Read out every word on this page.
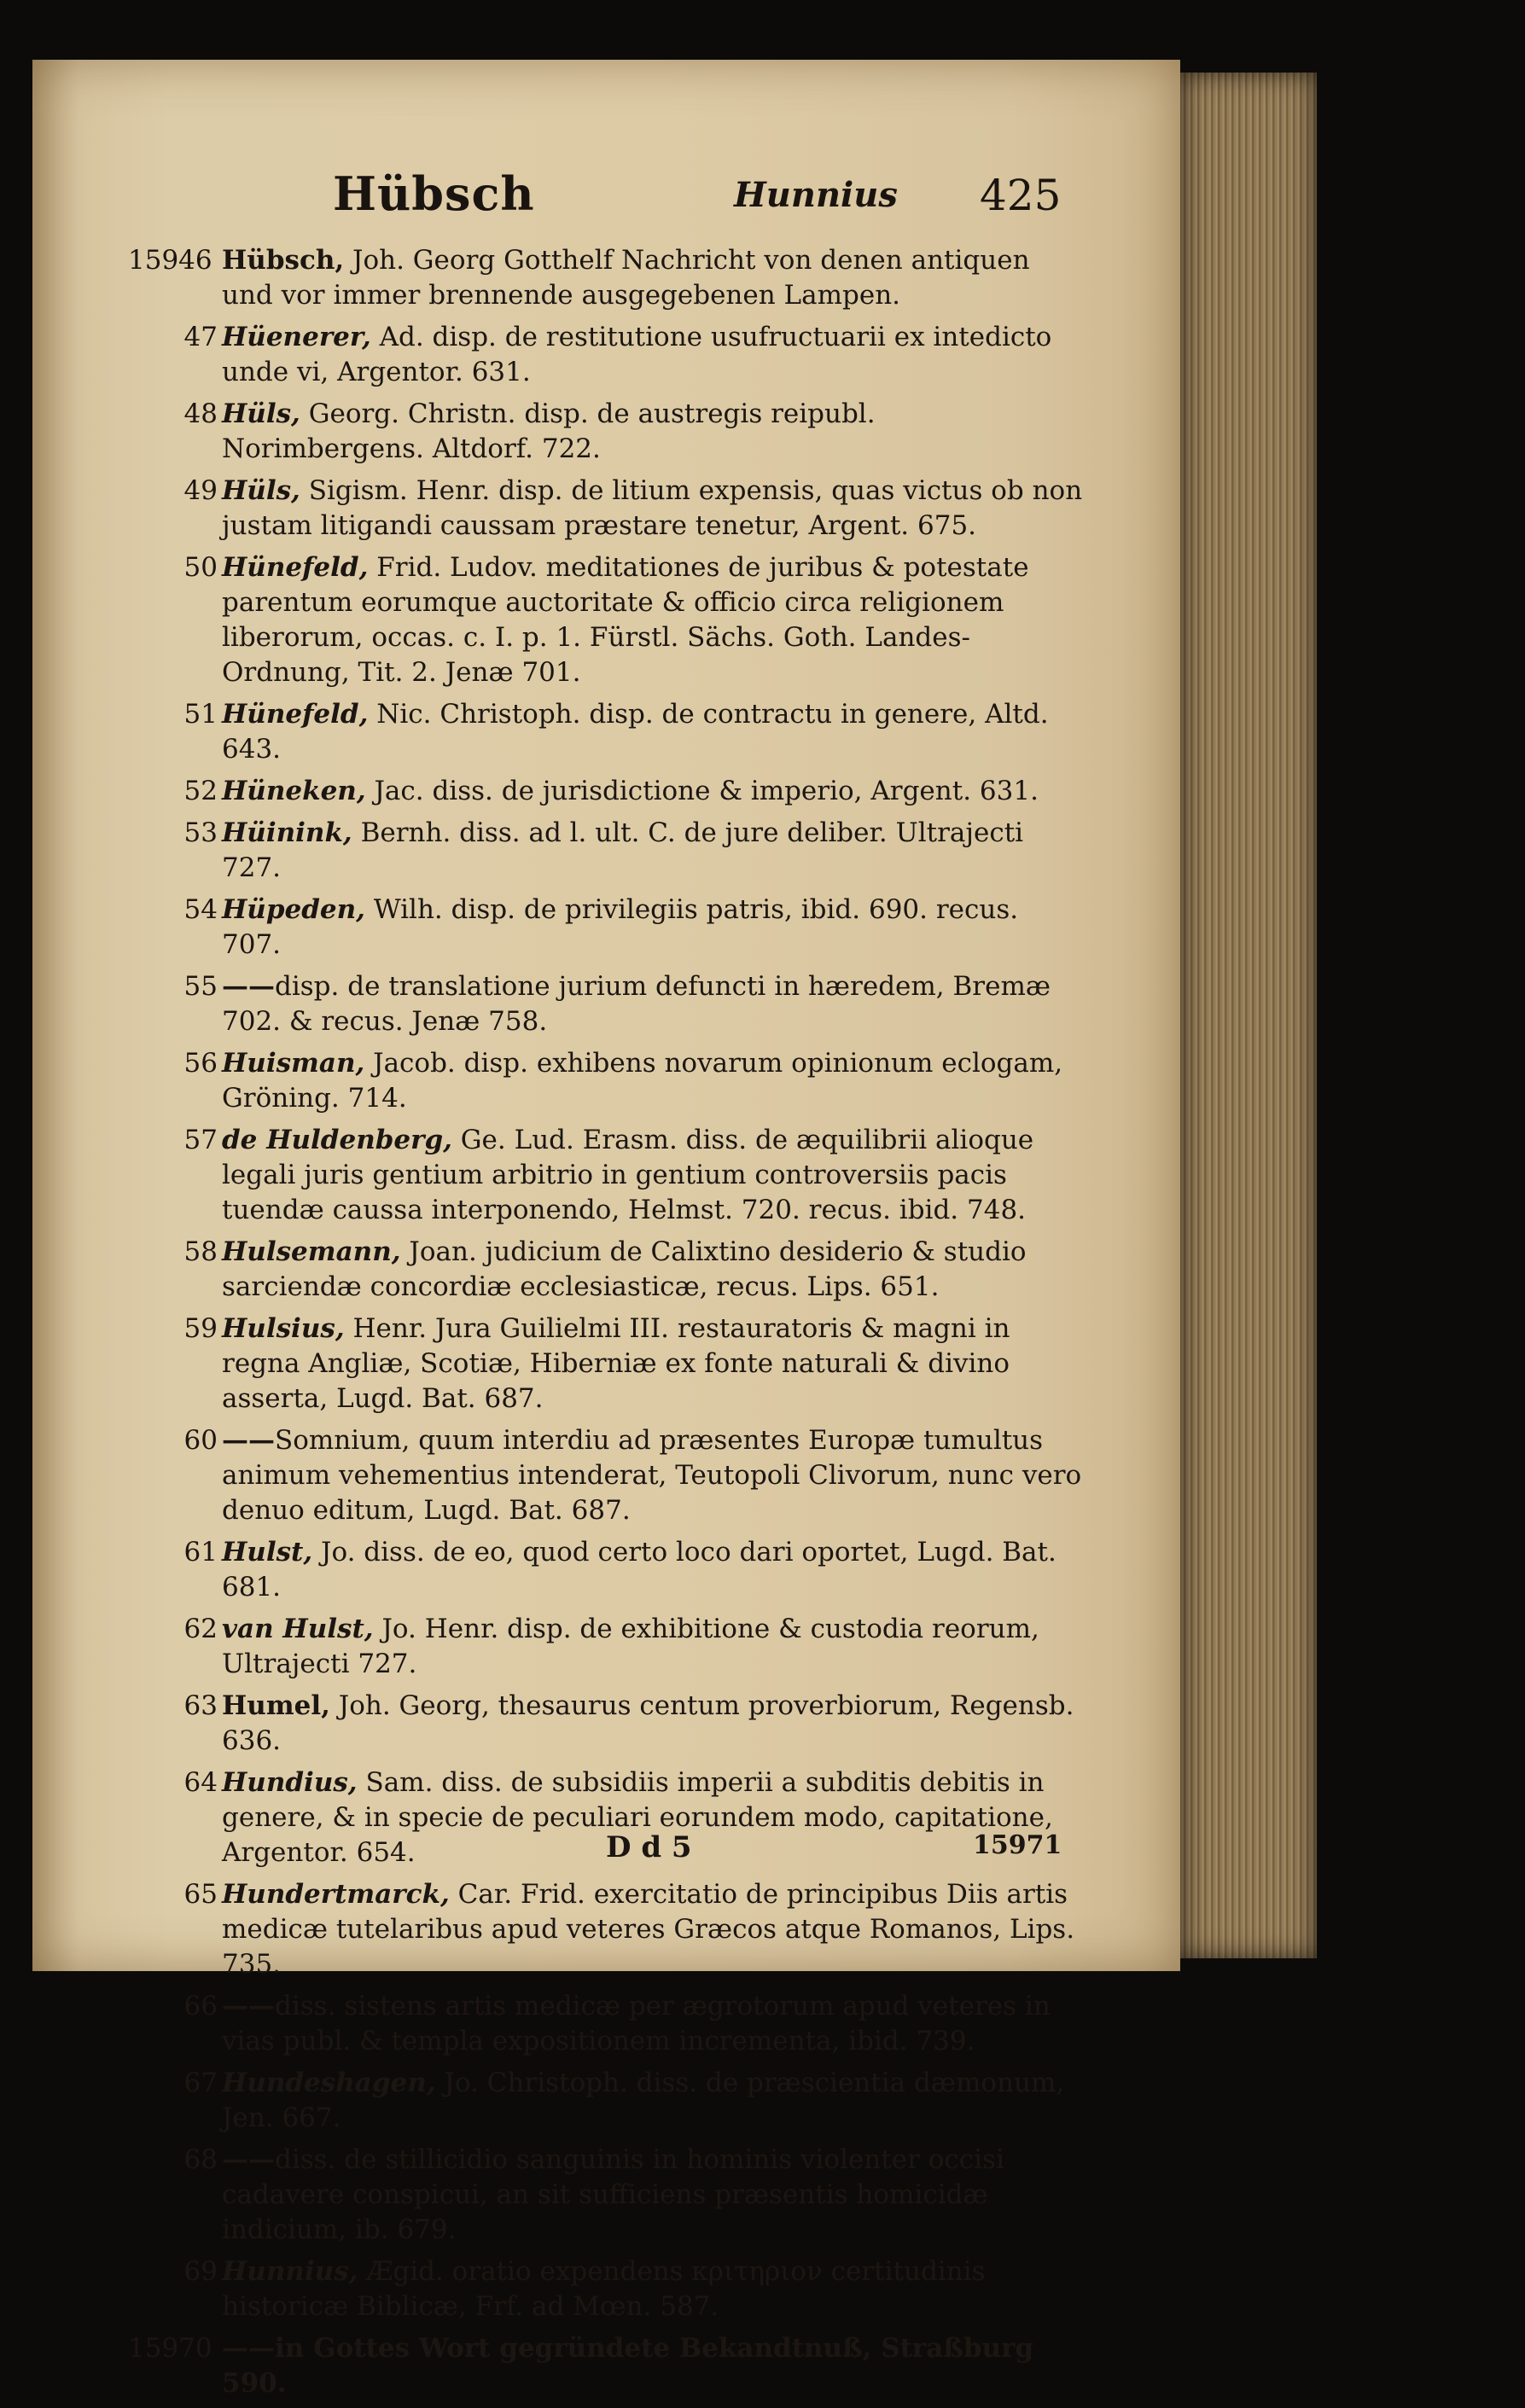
Hübsch	Hunnius 425
15946 Hübsch, Joh. Georg Gotthelf Nachricht von denen antiquen und vor immer brennende ausgegebenen Lampen.
47 Hüenerer, Ad. disp. de restitutione usufructuarii ex intedicto unde vi, Argentor. 631.
48 Hüls, Georg. Christn. disp. de austregis reipubl. Norimbergens. Altdorf. 722.
49 Hüls, Sigism. Henr. disp. de litium expensis, quas victus ob non justam litigandi caussam præstare tenetur, Argent. 675.
50 Hünefeld, Frid. Ludov. meditationes de juribus & potestate parentum eorumque auctoritate & officio circa religionem liberorum, occas. c. I. p. 1. Fürstl. Sächs. Goth. Landes-Ordnung, Tit. 2. Jenæ 701.
51 Hünefeld, Nic. Christoph. disp. de contractu in genere, Altd. 643.
52 Hüneken, Jac. diss. de jurisdictione & imperio, Argent. 631.
53 Hüinink, Bernh. diss. ad l. ult. C. de jure deliber. Ultrajecti 727.
54 Hüpeden, Wilh. disp. de privilegiis patris, ibid. 690. recus. 707.
55 ——disp. de translatione jurium defuncti in hæredem, Bremæ 702. & recus. Jenæ 758.
56 Huisman, Jacob. disp. exhibens novarum opinionum eclogam, Gröning. 714.
57 de Huldenberg, Ge. Lud. Erasm. diss. de æquilibrii alioque legali juris gentium arbitrio in gentium controversiis pacis tuendæ caussa interponendo, Helmst. 720. recus. ibid. 748.
58 Hulsemann, Joan. judicium de Calixtino desiderio & studio sarciendæ concordiæ ecclesiasticæ, recus. Lips. 651.
59 Hulsius, Henr. Jura Guilielmi III. restauratoris & magni in regna Angliæ, Scotiæ, Hiberniæ ex fonte naturali & divino asserta, Lugd. Bat. 687.
60 ——Somnium, quum interdiu ad præsentes Europæ tumultus animum vehementius intenderat, Teutopoli Clivorum, nunc vero denuo editum, Lugd. Bat. 687.
61 Hulst, Jo. diss. de eo, quod certo loco dari oportet, Lugd. Bat. 681.
62 van Hulst, Jo. Henr. disp. de exhibitione & custodia reorum, Ultrajecti 727.
63 Humel, Joh. Georg, thesaurus centum proverbiorum, Regensb. 636.
64 Hundius, Sam. diss. de subsidiis imperii a subditis debitis in genere, & in specie de peculiari eorundem modo, capitatione, Argentor. 654.
65 Hundertmarck, Car. Frid. exercitatio de principibus Diis artis medicæ tutelaribus apud veteres Græcos atque Romanos, Lips. 735.
66 ——diss. sistens artis medicæ per ægrotorum apud veteres in vias publ. & templa expositionem incrementa, ibid. 739.
67 Hundeshagen, Jo. Christoph. diss. de præscientia dæmonum, Jen. 667.
68 ——diss. de stillicidio sanguinis in hominis violenter occisi cadavere conspicui, an sit sufficiens præsentis homicidæ indicium, ib. 679.
69 Hunnius, Ægid. oratio expendens κριτηριον certitudinis historicæ Biblicæ, Frf. ad Mœn. 587.
15970 ——in Gottes Wort gegründete Bekandtnuß, Straßburg 590.
D d 5	15971
